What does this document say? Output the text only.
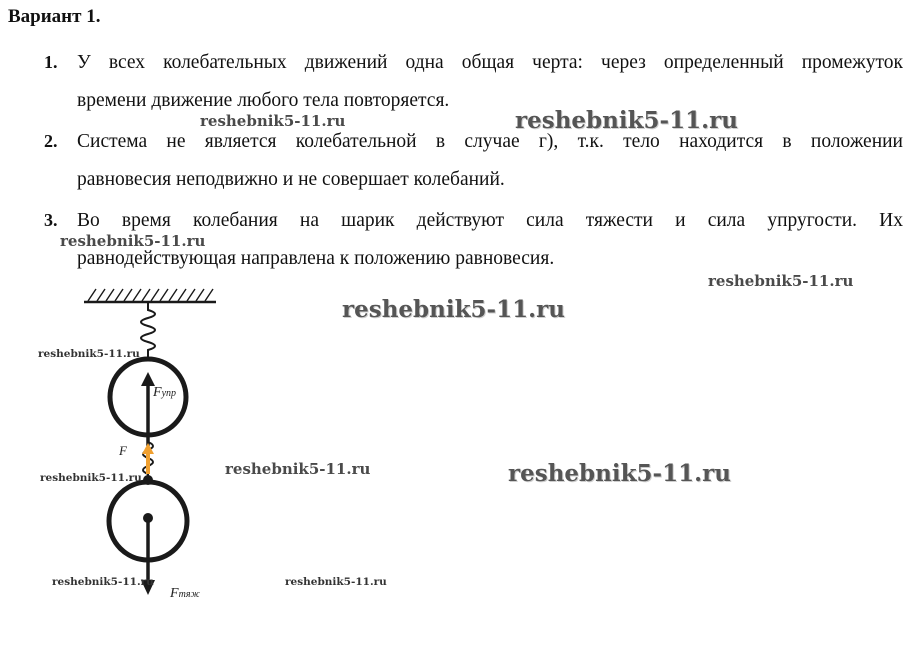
Вариант 1.
1. У всех колебательных движений одна общая черта: через определенный промежуток
времени движение любого тела повторяется.
2. Система не является колебательной в случае г), т.к. тело находится в положении
равновесия неподвижно и не совершает колебаний.
3. Во время колебания на шарик действуют сила тяжести и сила упругости. Их
равнодействующая направлена к положению равновесия.
Fупр
F
Fтяж
reshebnik5-11.ru	reshebnik5-11.ru
reshebnik5-11.ru
reshebnik5-11.ru
reshebnik5-11.ru
reshebnik5-11.ru
reshebnik5-11.ru	reshebnik5-11.ru
reshebnik5-11.ru
reshebnik5-11.ru	reshebnik5-11.ru
